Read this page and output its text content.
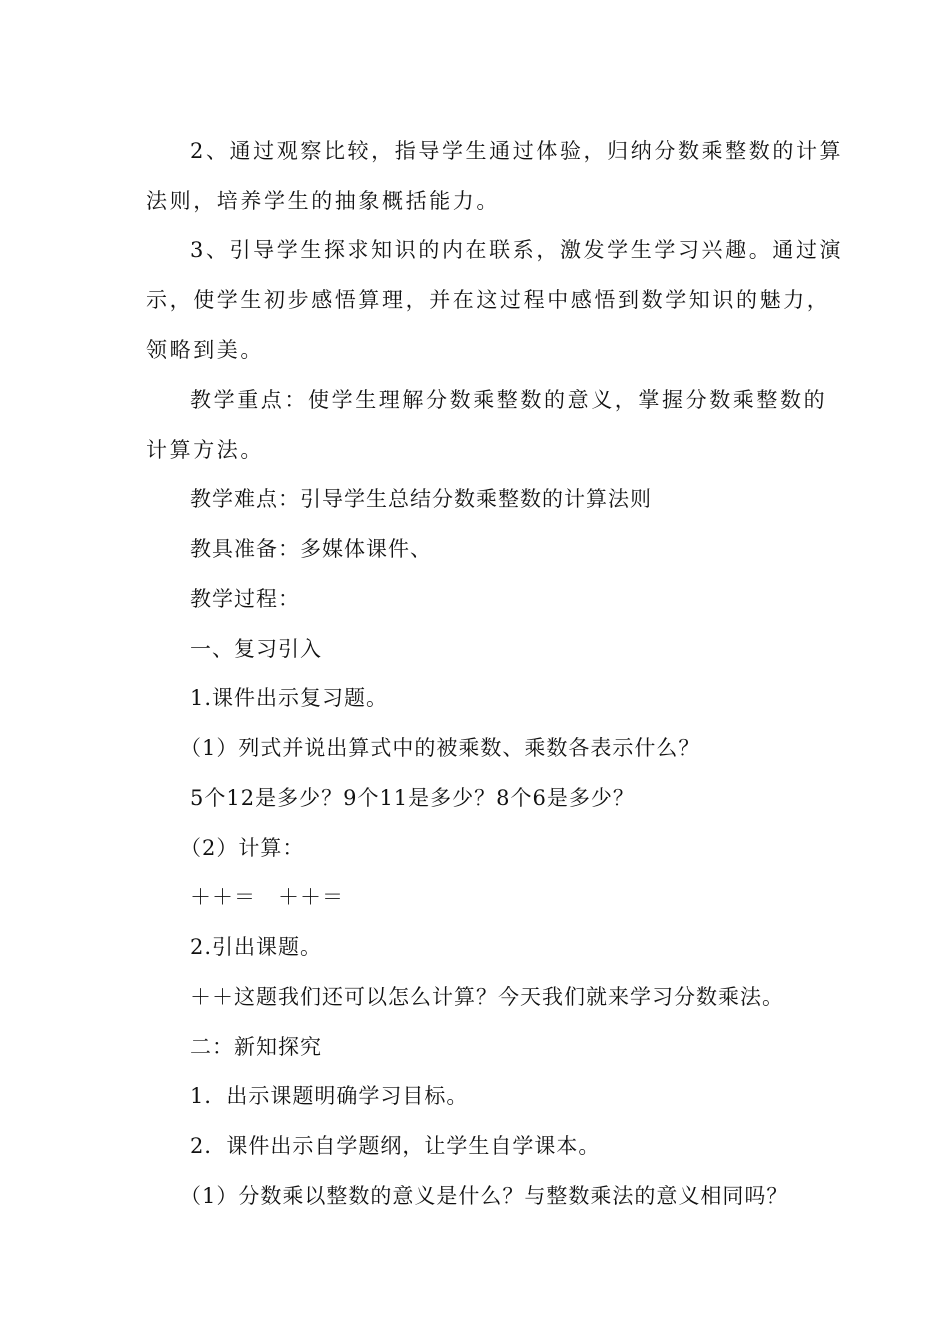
2、通过观察比较，指导学生通过体验，归纳分数乘整数的计算
法则，培养学生的抽象概括能力。
3、引导学生探求知识的内在联系，激发学生学习兴趣。通过演
示，使学生初步感悟算理，并在这过程中感悟到数学知识的魅力，
领略到美。
教学重点：使学生理解分数乘整数的意义，掌握分数乘整数的
计算方法。
教学难点：引导学生总结分数乘整数的计算法则
教具准备：多媒体课件、
教学过程：
一、复习引入
1.课件出示复习题。
（1）列式并说出算式中的被乘数、乘数各表示什么？
5个12是多少？9个11是多少？8个6是多少？
（2）计算：
＋＋＝　＋＋＝
2.引出课题。
＋＋这题我们还可以怎么计算？今天我们就来学习分数乘法。
二：新知探究
1．出示课题明确学习目标。
2．课件出示自学题纲，让学生自学课本。
（1）分数乘以整数的意义是什么？与整数乘法的意义相同吗？
